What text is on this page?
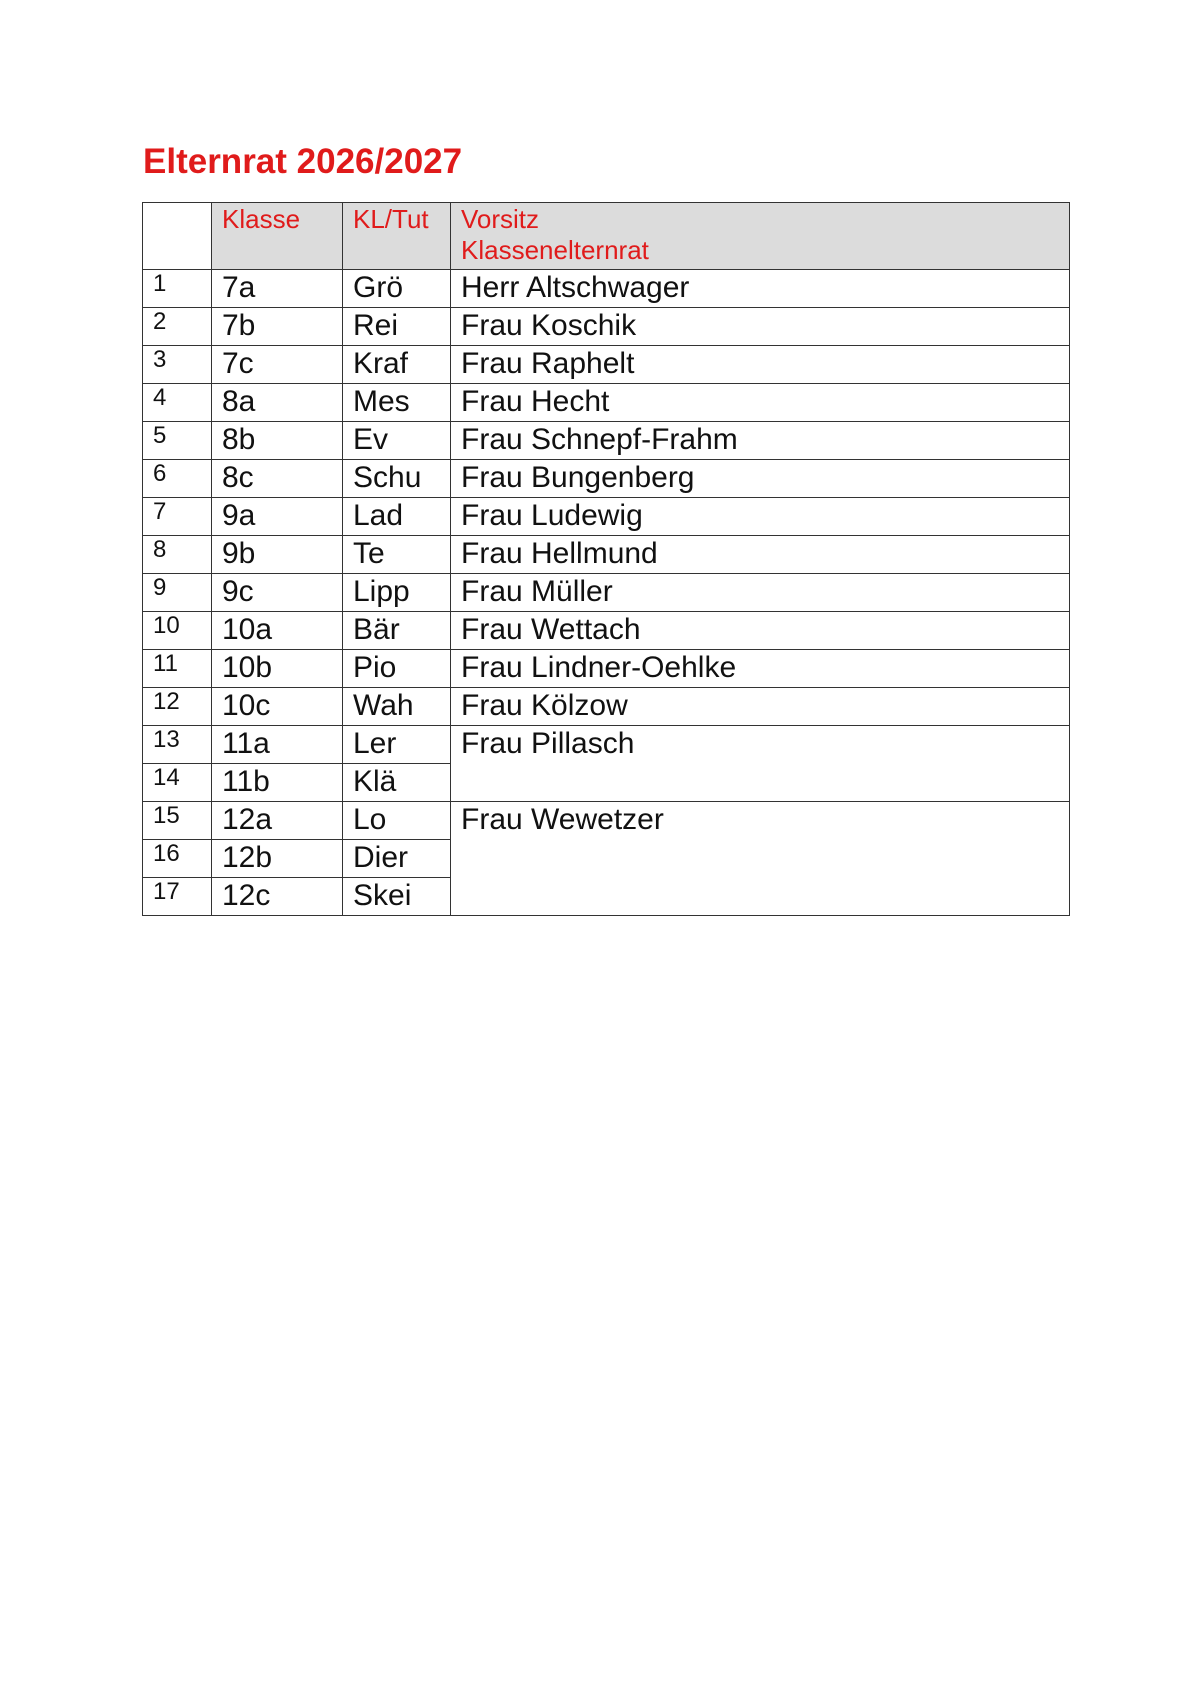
Elternrat 2026/2027
	Klasse	KL/Tut	Vorsitz
Klassenelternrat
1	7a	Grö	Herr Altschwager
2	7b	Rei	Frau Koschik
3	7c	Kraf	Frau Raphelt
4	8a	Mes	Frau Hecht
5	8b	Ev	Frau Schnepf-Frahm
6	8c	Schu	Frau Bungenberg
7	9a	Lad	Frau Ludewig
8	9b	Te	Frau Hellmund
9	9c	Lipp	Frau Müller
10	10a	Bär	Frau Wettach
11	10b	Pio	Frau Lindner-Oehlke
12	10c	Wah	Frau Kölzow
13	11a	Ler	Frau Pillasch
14	11b	Klä	
15	12a	Lo	Frau Wewetzer
16	12b	Dier	
17	12c	Skei	
